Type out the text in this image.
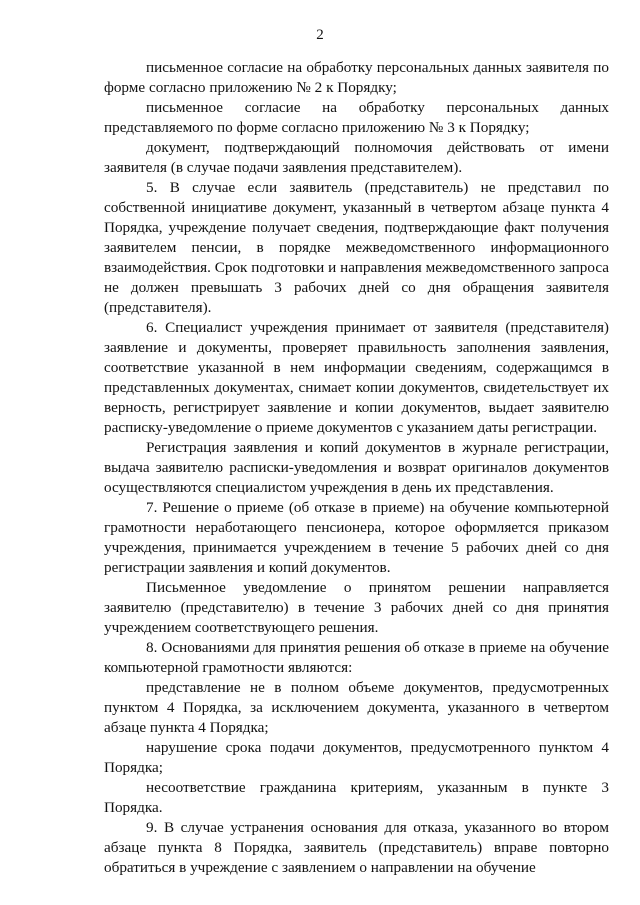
2

письменное согласие на обработку персональных данных заявителя по форме согласно приложению № 2 к Порядку;

письменное согласие на обработку персональных данных представляемого по форме согласно приложению № 3 к Порядку;

документ, подтверждающий полномочия действовать от имени заявителя (в случае подачи заявления представителем).

5. В случае если заявитель (представитель) не представил по собственной инициативе документ, указанный в четвертом абзаце пункта 4 Порядка, учреждение получает сведения, подтверждающие факт получения заявителем пенсии, в порядке межведомственного информационного взаимодействия. Срок подготовки и направления межведомственного запроса не должен превышать 3 рабочих дней со дня обращения заявителя (представителя).

6. Специалист учреждения принимает от заявителя (представителя) заявление и документы, проверяет правильность заполнения заявления, соответствие указанной в нем информации сведениям, содержащимся в представленных документах, снимает копии документов, свидетельствует их верность, регистрирует заявление и копии документов, выдает заявителю расписку-уведомление о приеме документов с указанием даты регистрации.

Регистрация заявления и копий документов в журнале регистрации, выдача заявителю расписки-уведомления и возврат оригиналов документов осуществляются специалистом учреждения в день их представления.

7. Решение о приеме (об отказе в приеме) на обучение компьютерной грамотности неработающего пенсионера, которое оформляется приказом учреждения, принимается учреждением в течение 5 рабочих дней со дня регистрации заявления и копий документов.

Письменное уведомление о принятом решении направляется заявителю (представителю) в течение 3 рабочих дней со дня принятия учреждением соответствующего решения.

8. Основаниями для принятия решения об отказе в приеме на обучение компьютерной грамотности являются:

представление не в полном объеме документов, предусмотренных пунктом 4 Порядка, за исключением документа, указанного в четвертом абзаце пункта 4 Порядка;

нарушение срока подачи документов, предусмотренного пунктом 4 Порядка;

несоответствие гражданина критериям, указанным в пункте 3 Порядка.

9. В случае устранения основания для отказа, указанного во втором абзаце пункта 8 Порядка, заявитель (представитель) вправе повторно обратиться в учреждение с заявлением о направлении на обучение
